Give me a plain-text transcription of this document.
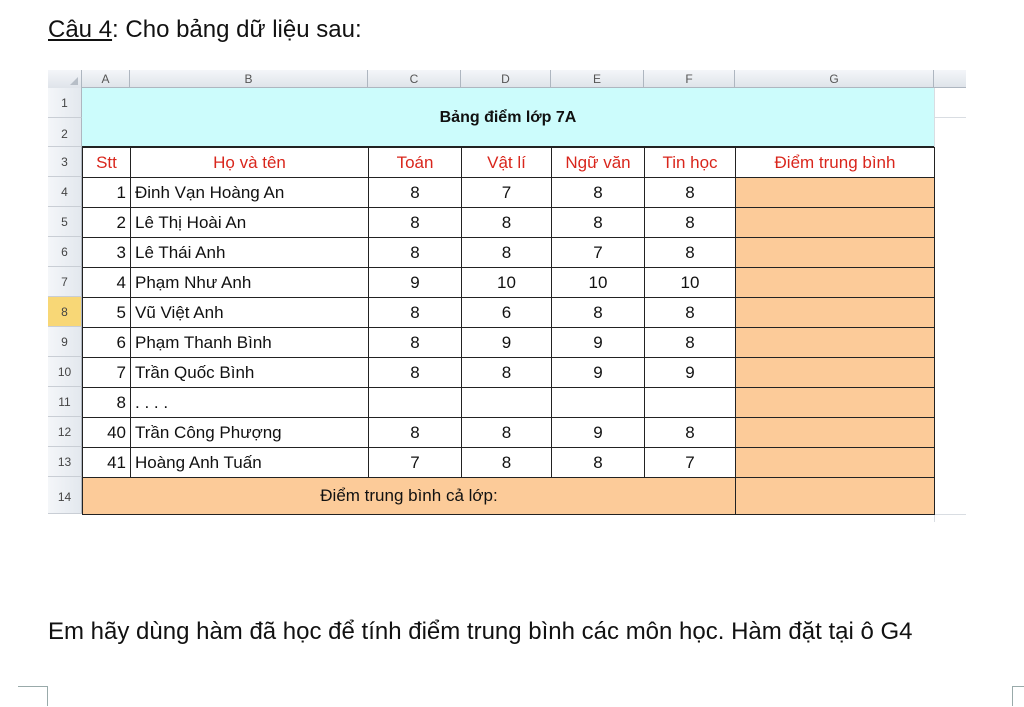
Câu 4: Cho bảng dữ liệu sau:
A	B	C	D	E	F	G
1
2
3
4
5
6
7
8
9
10
11
12
13
14
Bảng điểm lớp 7A
Stt	Họ và tên	Toán	Vật lí	Ngữ văn	Tin học	Điểm trung bình
1	Đinh Vạn Hoàng An	8	7	8	8	
2	Lê Thị Hoài An	8	8	8	8	
3	Lê Thái Anh	8	8	7	8	
4	Phạm Như Anh	9	10	10	10	
5	Vũ Việt Anh	8	6	8	8	
6	Phạm Thanh Bình	8	9	9	8	
7	Trần Quốc Bình	8	8	9	9	
8	. . . .					
40	Trần Công Phượng	8	8	9	8	
41	Hoàng Anh Tuấn	7	8	8	7	
Điểm trung bình cả lớp:						
Em hãy dùng hàm đã học để tính điểm trung bình các môn học. Hàm đặt tại ô G4
